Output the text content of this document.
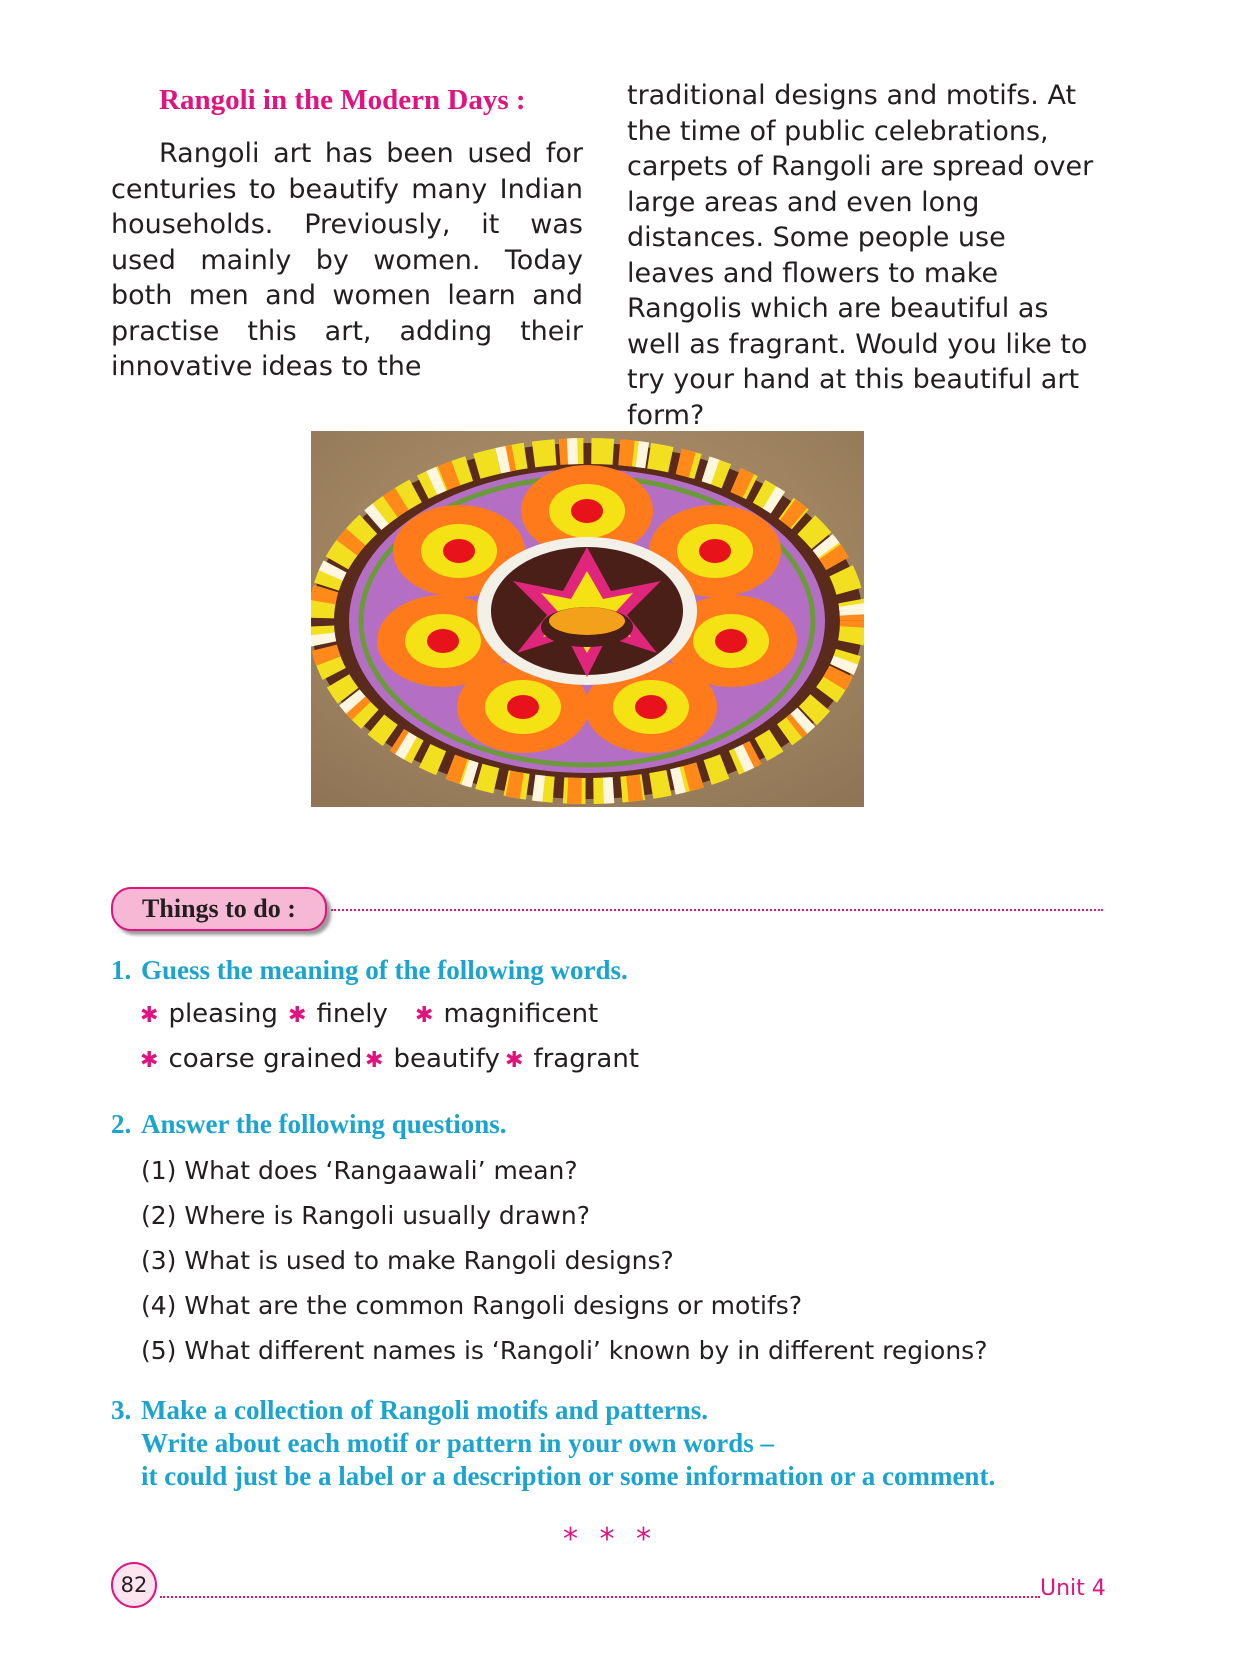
Rangoli in the Modern Days :

Rangoli art has been used for centuries to beautify many Indian households. Previously, it was used mainly by women. Today both men and women learn and practise this art, adding their innovative ideas to the

traditional designs and motifs. At the time of public celebrations, carpets of Rangoli are spread over large areas and even long distances. Some people use leaves and flowers to make Rangolis which are beautiful as well as fragrant. Would you like to try your hand at this beautiful art form?

Things to do :
1. Guess the meaning of the following words.
✱ pleasing ✱ finely ✱ magnificent
✱ coarse grained ✱ beautify ✱ fragrant
2. Answer the following questions.
(1) What does ‘Rangaawali’ mean?
(2) Where is Rangoli usually drawn?
(3) What is used to make Rangoli designs?
(4) What are the common Rangoli designs or motifs?
(5) What different names is ‘Rangoli’ known by in different regions?
3. Make a collection of Rangoli motifs and patterns.
Write about each motif or pattern in your own words –
it could just be a label or a description or some information or a comment.
* * *
82	Unit 4
